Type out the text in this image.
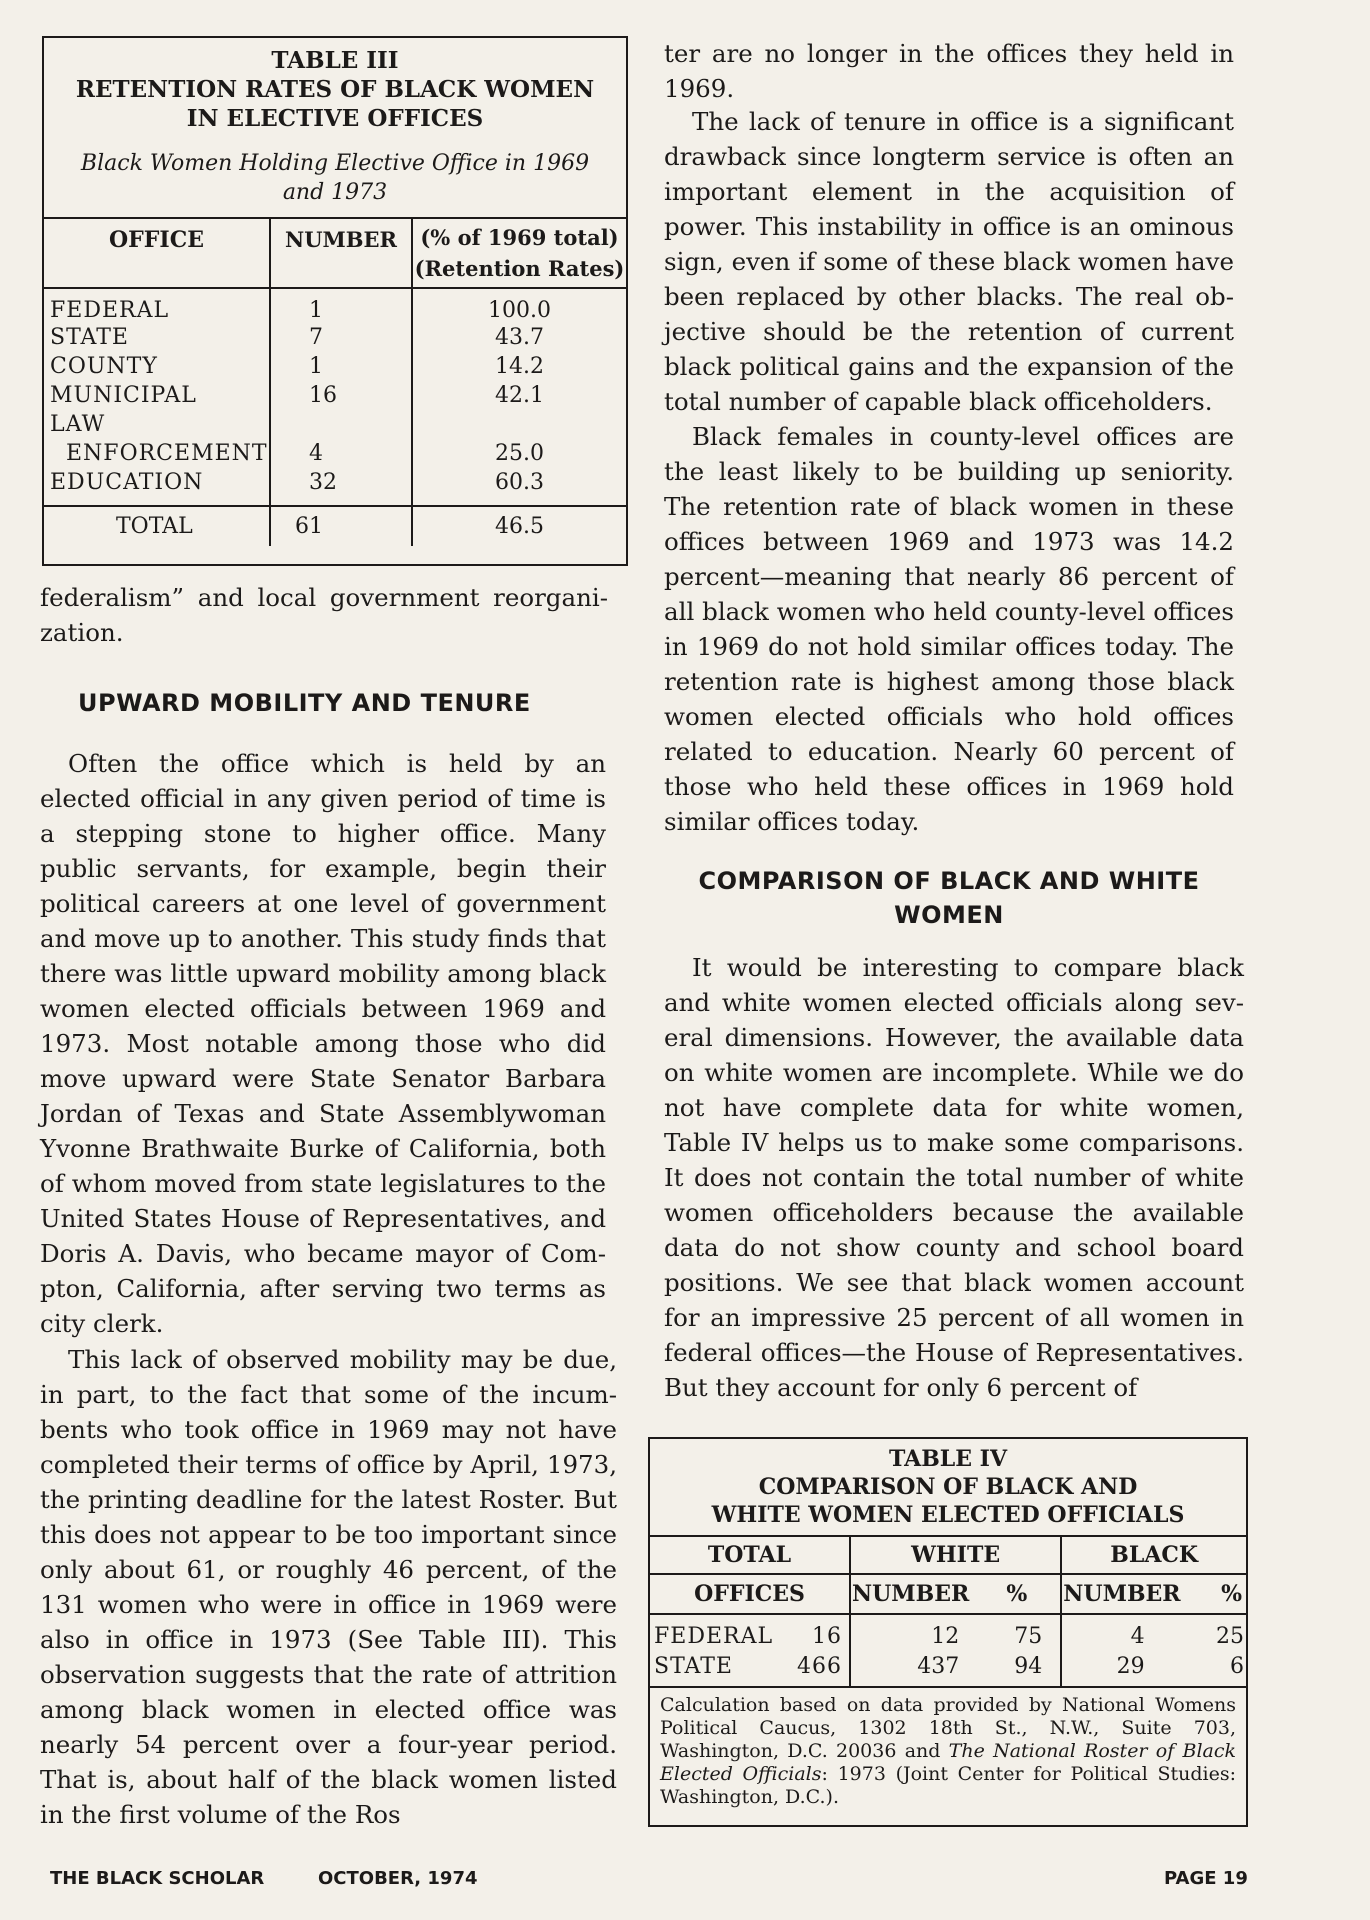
TABLE III
RETENTION RATES OF BLACK WOMEN
IN ELECTIVE OFFICES
Black Women Holding Elective Office in 1969
and 1973
OFFICE	NUMBER	(% of 1969 total)
(Retention Rates)

FEDERAL	1	100.0
STATE	7	43.7
COUNTY	1	14.2
MUNICIPAL	16	42.1
LAW		
ENFORCEMENT	4	25.0
EDUCATION	32	60.3

TOTAL	61	46.5

federalism” and local government reorganization.

UPWARD MOBILITY AND TENURE

Often the office which is held by an elected official in any given period of time is a stepping stone to higher office. Many public servants, for example, begin their political careers at one level of government and move up to another. This study finds that there was little upward mobility among black women elected officials between 1969 and 1973. Most notable among those who did move upward were State Senator Barbara Jordan of Texas and State Assemblywoman Yvonne Brathwaite Burke of California, both of whom moved from state legislatures to the United States House of Representatives, and Doris A. Davis, who became mayor of Compton, California, after serving two terms as city clerk.

This lack of observed mobility may be due, in part, to the fact that some of the incumbents who took office in 1969 may not have completed their terms of office by April, 1973, the printing deadline for the latest Roster. But this does not appear to be too important since only about 61, or roughly 46 percent, of the 131 women who were in office in 1969 were also in office in 1973 (See Table III). This observation suggests that the rate of attrition among black women in elected office was nearly 54 percent over a four-year period. That is, about half of the black women listed in the first volume of the Ros

ter are no longer in the offices they held in 1969.

The lack of tenure in office is a significant drawback since longterm service is often an important element in the acquisition of power. This instability in office is an ominous sign, even if some of these black women have been replaced by other blacks. The real objective should be the retention of current black political gains and the expansion of the total number of capable black officeholders.

Black females in county-level offices are the least likely to be building up seniority. The retention rate of black women in these offices between 1969 and 1973 was 14.2 percent—meaning that nearly 86 percent of all black women who held county-level offices in 1969 do not hold similar offices today. The retention rate is highest among those black women elected officials who hold offices related to education. Nearly 60 percent of those who held these offices in 1969 hold similar offices today.

COMPARISON OF BLACK AND WHITE WOMEN

It would be interesting to compare black and white women elected officials along several dimensions. However, the available data on white women are incomplete. While we do not have complete data for white women, Table IV helps us to make some comparisons. It does not contain the total number of white women officeholders because the available data do not show county and school board positions. We see that black women account for an impressive 25 percent of all women in federal offices—the House of Representatives. But they account for only 6 percent of

TABLE IV
COMPARISON OF BLACK AND
WHITE WOMEN ELECTED OFFICIALS
TOTAL	WHITE		BLACK	
OFFICES	NUMBER	%	NUMBER	%
FEDERAL 16	12	75	4	25
STATE 466	437	94	29	6

Calculation based on data provided by National Womens Political Caucus, 1302 18th St., N.W., Suite 703, Washington, D.C. 20036 and The National Roster of Black Elected Officials: 1973 (Joint Center for Political Studies: Washington, D.C.).
THE BLACK SCHOLAR	OCTOBER, 1974	PAGE 19
